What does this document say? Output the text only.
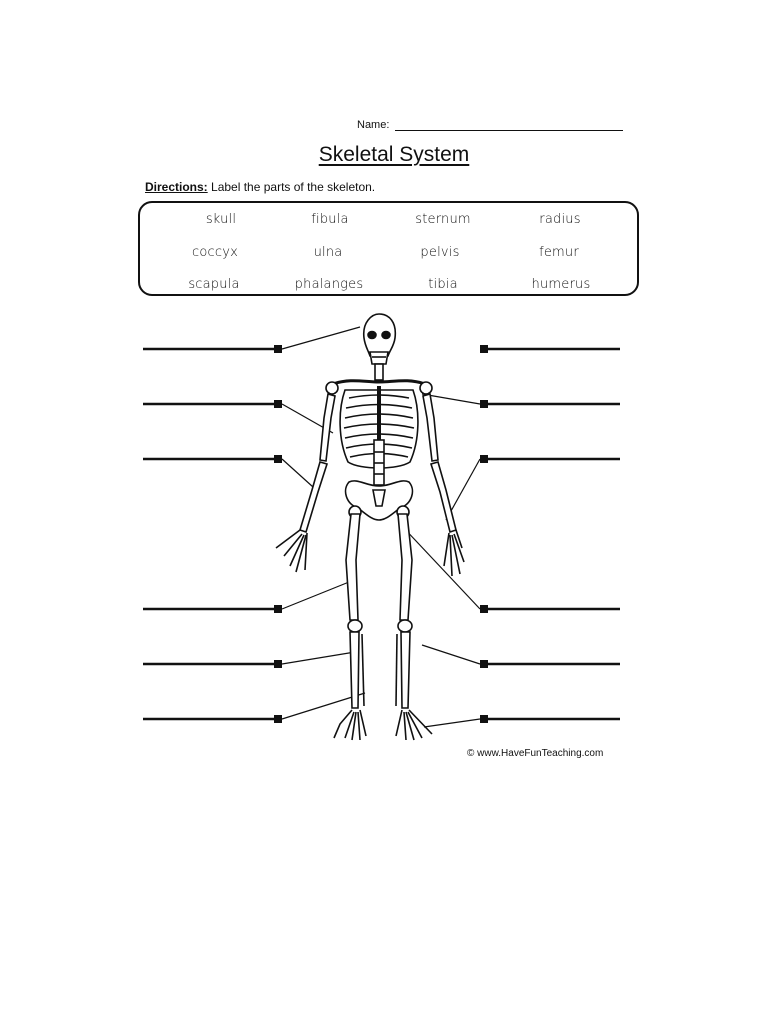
Name:
Skeletal System
Directions: Label the parts of the skeleton.
skull	fibula	sternum	radius
coccyx	ulna	pelvis	femur
scapula	phalanges	tibia	humerus
© www.HaveFunTeaching.com
